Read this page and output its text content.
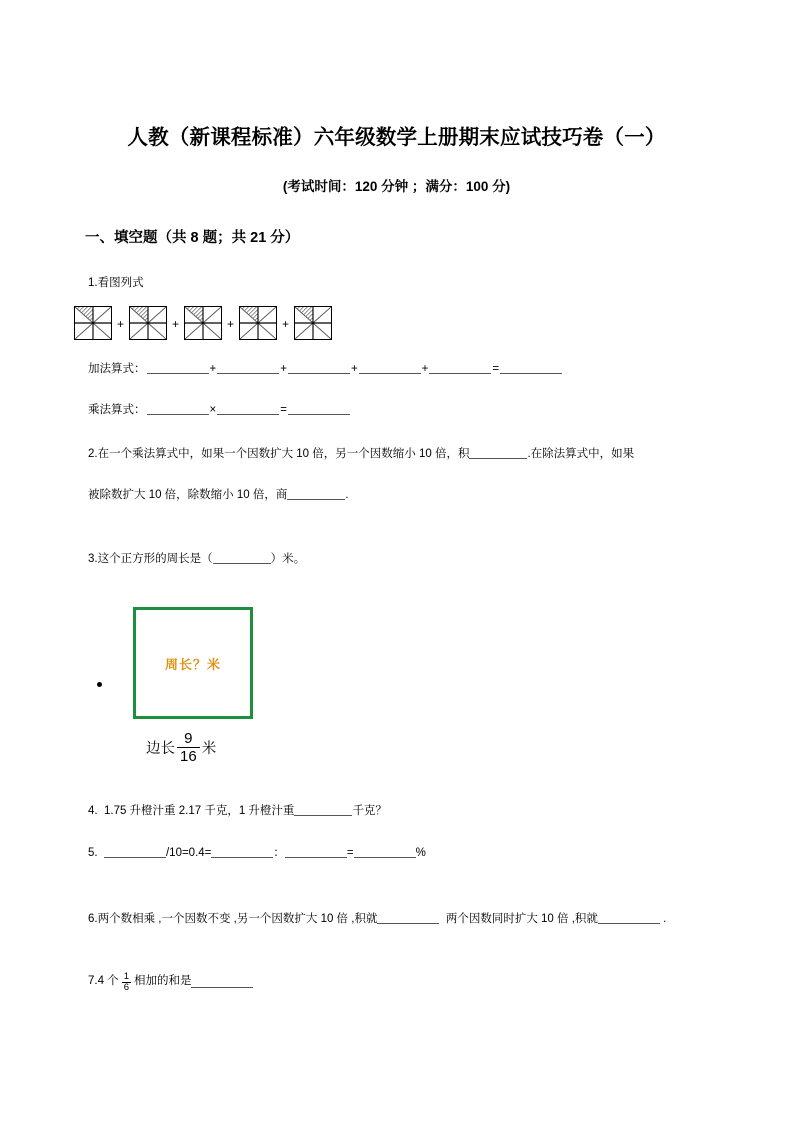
人教（新课程标准）六年级数学上册期末应试技巧卷（一）
(考试时间：120 分钟 ；满分：100 分)
一、填空题（共 8 题；共 21 分）
1.看图列式
+	+	+	+
加法算式：	+	+	+	+	=
乘法算式：	×	=
2.在一个乘法算式中，如果一个因数扩大 10 倍，另一个因数缩小 10 倍，积	.在除法算式中，如果
被除数扩大 10 倍，除数缩小 10 倍，商	.
3.这个正方形的周长是（	）米。
周长？米
边长 $\frac{9}{16}$ 米
4. 1.75 升橙汁重 2.17 千克，1 升橙汁重	千克？
5.	/10=0.4=	：	=	%
6.两个数相乘 ,一个因数不变 ,另一个因数扩大 10 倍 ,积就	两个因数同时扩大 10 倍 ,积就	.
7. 4 个 $\frac{1}{6}$ 相加的和是
